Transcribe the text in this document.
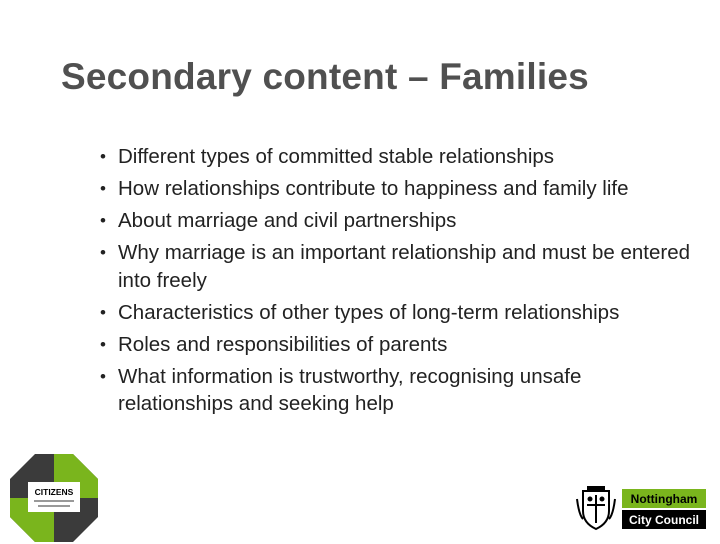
Secondary content – Families
• Different types of committed stable relationships
• How relationships contribute to happiness and family life
• About marriage and civil partnerships
• Why marriage is an important relationship and must be entered into freely
• Characteristics of other types of long-term relationships
• Roles and responsibilities of parents
• What information is trustworthy, recognising unsafe relationships and seeking help
CITIZENS	Nottingham
City Council
